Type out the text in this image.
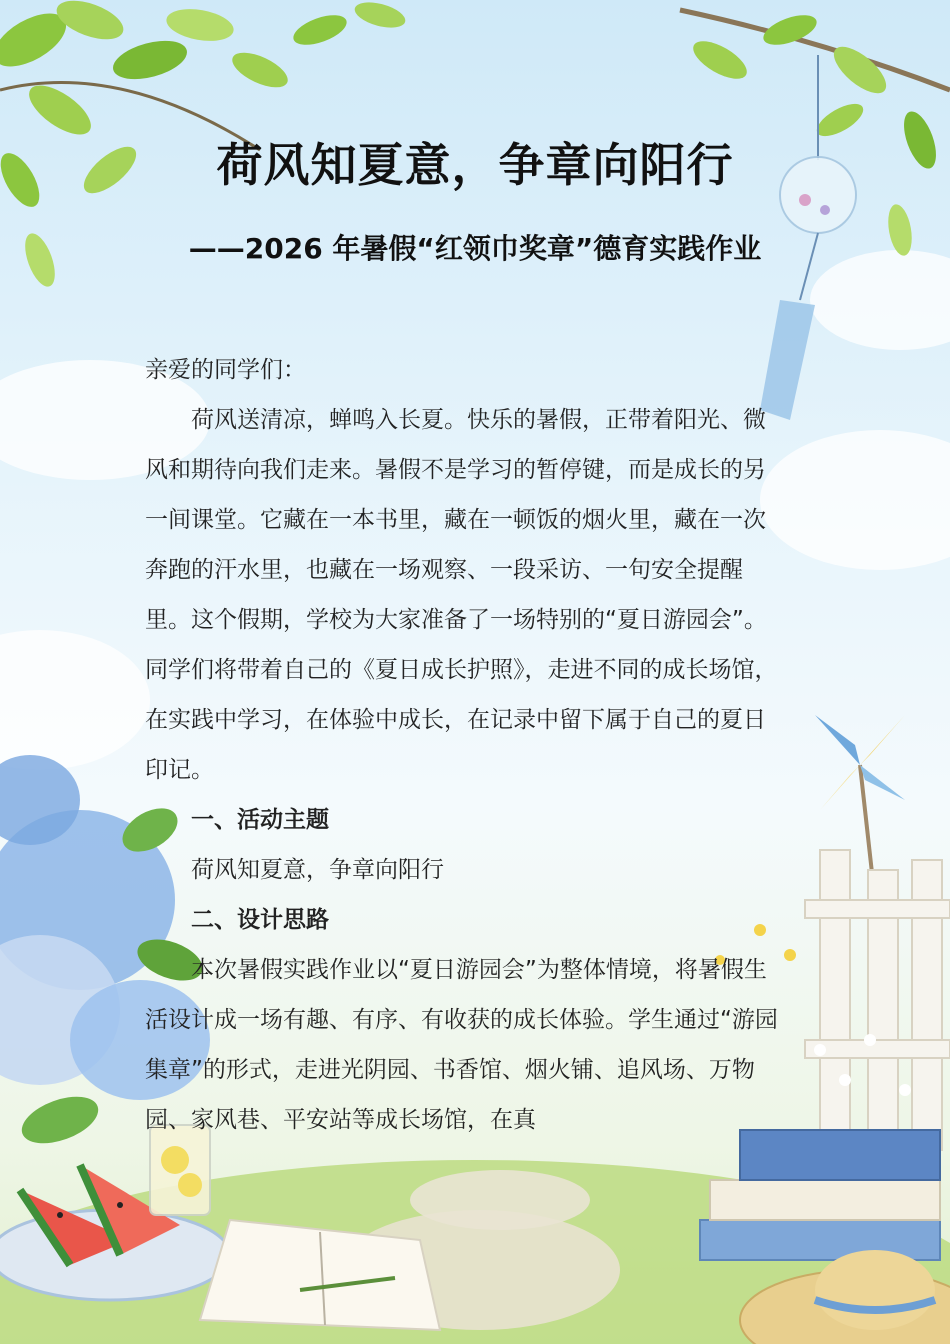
荷风知夏意，争章向阳行
——2026 年暑假“红领巾奖章”德育实践作业

亲爱的同学们：

荷风送清凉，蝉鸣入长夏。快乐的暑假，正带着阳光、微风和期待向我们走来。暑假不是学习的暂停键，而是成长的另一间课堂。它藏在一本书里，藏在一顿饭的烟火里，藏在一次奔跑的汗水里，也藏在一场观察、一段采访、一句安全提醒里。这个假期，学校为大家准备了一场特别的“夏日游园会”。同学们将带着自己的《夏日成长护照》，走进不同的成长场馆，在实践中学习，在体验中成长，在记录中留下属于自己的夏日印记。

一、活动主题

荷风知夏意，争章向阳行

二、设计思路

本次暑假实践作业以“夏日游园会”为整体情境，将暑假生活设计成一场有趣、有序、有收获的成长体验。学生通过“游园集章”的形式，走进光阴园、书香馆、烟火铺、追风场、万物园、家风巷、平安站等成长场馆，在真
